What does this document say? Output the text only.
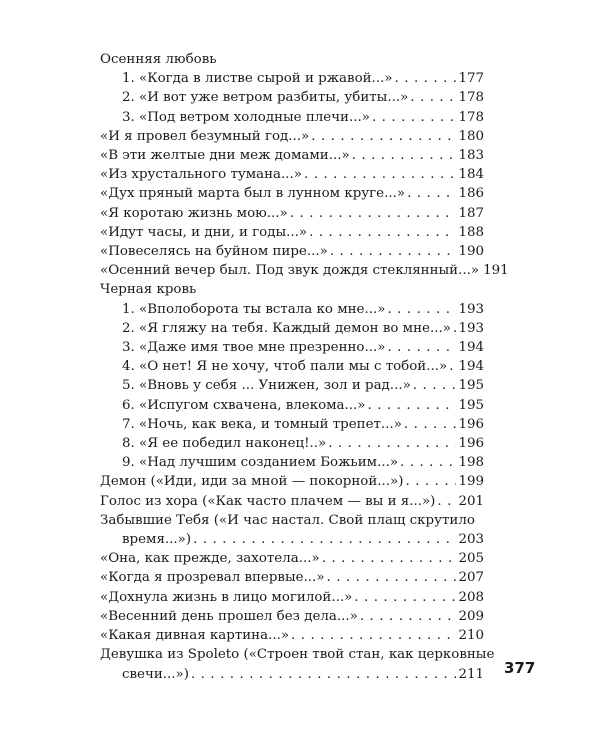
Осенняя любовь
1. «Когда в листве сырой и ржавой...» . . .	177
2. «И вот уже ветром разбиты, убиты...» . . .	178
3. «Под ветром холодные плечи...» . . .	178
«И я провел безумный год...» . . .	180
«В эти желтые дни меж домами...» . . .	183
«Из хрустального тумана...» . . .	184
«Дух пряный марта был в лунном круге...» . . .	186
«Я коротаю жизнь мою...» . . .	187
«Идут часы, и дни, и годы...» . . .	188
«Повеселясь на буйном пире...» . . .	190
«Осенний вечер был. Под звук дождя стеклянный...» 191
Черная кровь
1. «Вполоборота ты встала ко мне...» . . .	193
2. «Я гляжу на тебя. Каждый демон во мне...» . . . 193
3. «Даже имя твое мне презренно...» . . .	194
4. «О нет! Я не хочу, чтоб пали мы с тобой...» . . . 194
5. «Вновь у себя ... Унижен, зол и рад...» . . .	195
6. «Испугом схвачена, влекома...» . . .	195
7. «Ночь, как века, и томный трепет...» . . .	196
8. «Я ее победил наконец!..» . . .	196
9. «Над лучшим созданием Божьим...» . . .	198
Демон («Иди, иди за мной — покорной...») . . .	199
Голос из хора («Как часто плачем — вы и я...») . . . 201
Забывшие Тебя («И час настал. Свой плащ скрутило
время...») . . .	203
«Она, как прежде, захотела...» . . .	205
«Когда я прозревал впервые...» . . .	207
«Дохнула жизнь в лицо могилой...» . . .	208
«Весенний день прошел без дела...» . . .	209
«Какая дивная картина...» . . .	210
Девушка из Spoleto («Строен твой стан, как церковные
свечи...») . . .	211 377
